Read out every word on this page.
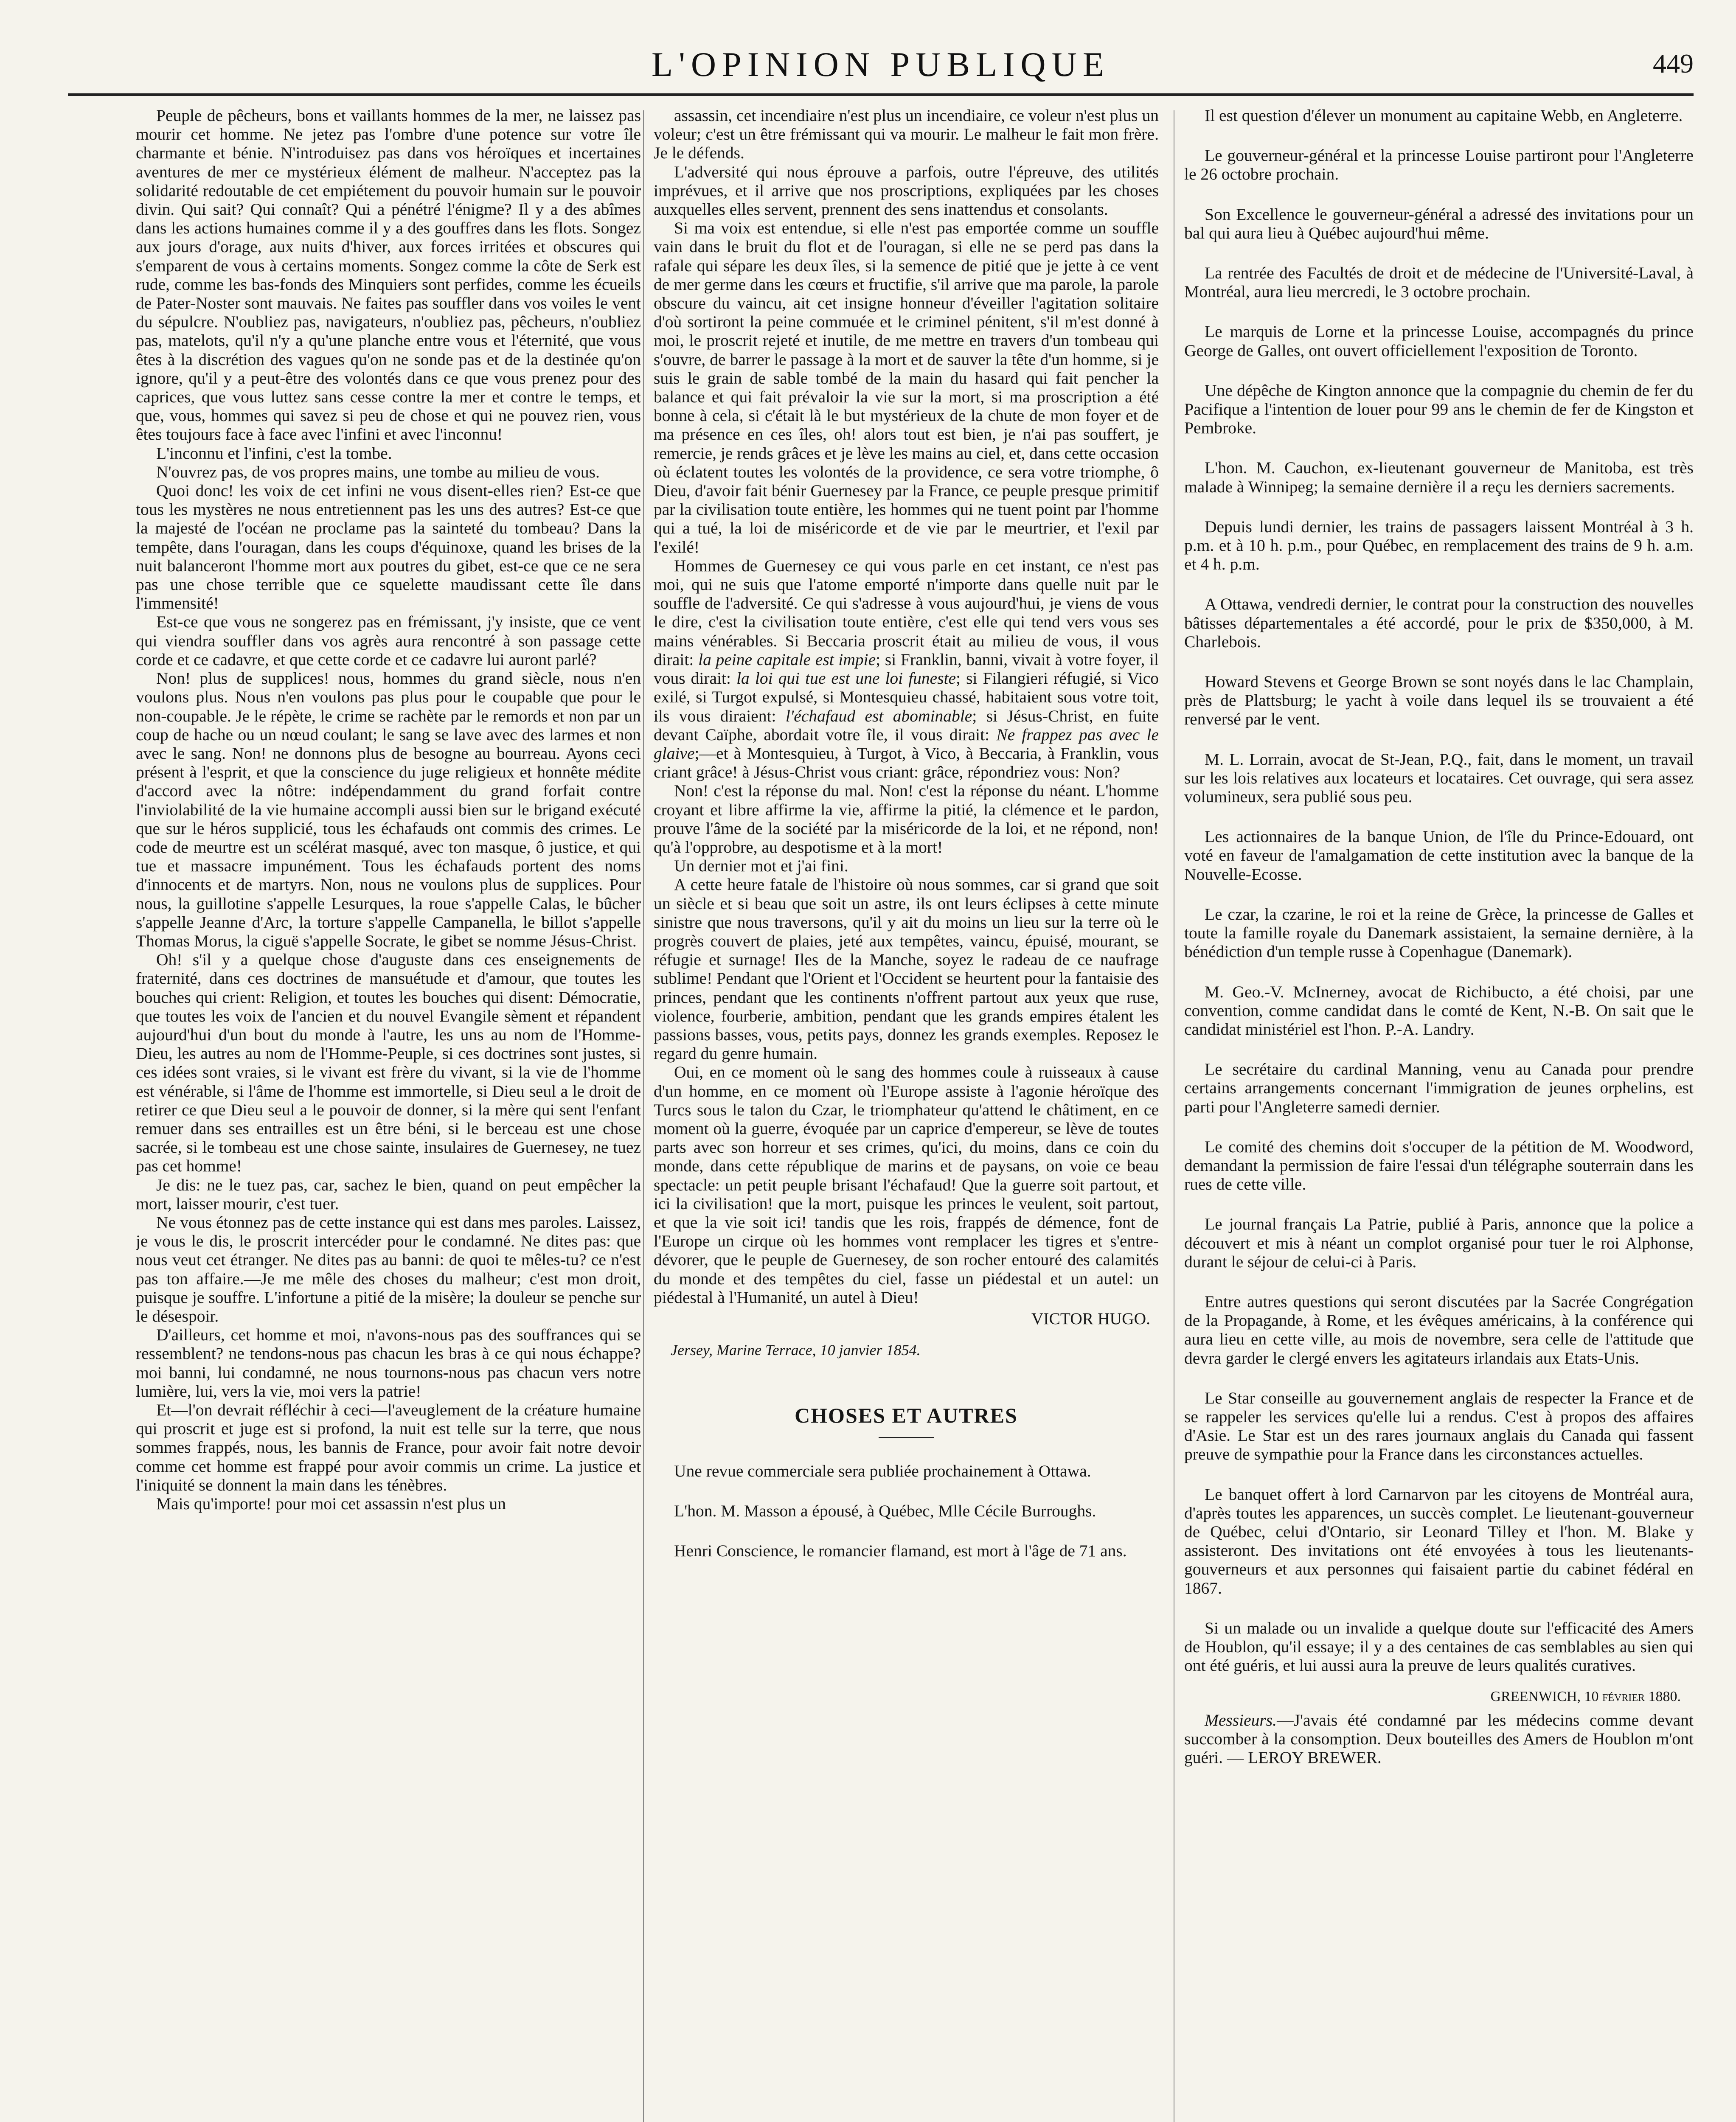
L'OPINION PUBLIQUE	449

Peuple de pêcheurs, bons et vaillants hommes de la mer, ne laissez pas mourir cet homme. Ne jetez pas l'ombre d'une potence sur votre île charmante et bénie. N'introduisez pas dans vos héroïques et incertaines aventures de mer ce mystérieux élément de malheur. N'acceptez pas la solidarité redoutable de cet empiétement du pouvoir humain sur le pouvoir divin. Qui sait? Qui connaît? Qui a pénétré l'énigme? Il y a des abîmes dans les actions humaines comme il y a des gouffres dans les flots. Songez aux jours d'orage, aux nuits d'hiver, aux forces irritées et obscures qui s'emparent de vous à certains moments. Songez comme la côte de Serk est rude, comme les bas-fonds des Minquiers sont perfides, comme les écueils de Pater-Noster sont mauvais. Ne faites pas souffler dans vos voiles le vent du sépulcre. N'oubliez pas, navigateurs, n'oubliez pas, pêcheurs, n'oubliez pas, matelots, qu'il n'y a qu'une planche entre vous et l'éternité, que vous êtes à la discrétion des vagues qu'on ne sonde pas et de la destinée qu'on ignore, qu'il y a peut-être des volontés dans ce que vous prenez pour des caprices, que vous luttez sans cesse contre la mer et contre le temps, et que, vous, hommes qui savez si peu de chose et qui ne pouvez rien, vous êtes toujours face à face avec l'infini et avec l'inconnu!

L'inconnu et l'infini, c'est la tombe.

N'ouvrez pas, de vos propres mains, une tombe au milieu de vous.

Quoi donc! les voix de cet infini ne vous disent-elles rien? Est-ce que tous les mystères ne nous entretiennent pas les uns des autres? Est-ce que la majesté de l'océan ne proclame pas la sainteté du tombeau? Dans la tempête, dans l'ouragan, dans les coups d'équinoxe, quand les brises de la nuit balanceront l'homme mort aux poutres du gibet, est-ce que ce ne sera pas une chose terrible que ce squelette maudissant cette île dans l'immensité!

Est-ce que vous ne songerez pas en frémissant, j'y insiste, que ce vent qui viendra souffler dans vos agrès aura rencontré à son passage cette corde et ce cadavre, et que cette corde et ce cadavre lui auront parlé?

Non! plus de supplices! nous, hommes du grand siècle, nous n'en voulons plus. Nous n'en voulons pas plus pour le coupable que pour le non-coupable. Je le répète, le crime se rachète par le remords et non par un coup de hache ou un nœud coulant; le sang se lave avec des larmes et non avec le sang. Non! ne donnons plus de besogne au bourreau. Ayons ceci présent à l'esprit, et que la conscience du juge religieux et honnête médite d'accord avec la nôtre: indépendamment du grand forfait contre l'inviolabilité de la vie humaine accompli aussi bien sur le brigand exécuté que sur le héros supplicié, tous les échafauds ont commis des crimes. Le code de meurtre est un scélérat masqué, avec ton masque, ô justice, et qui tue et massacre impunément. Tous les échafauds portent des noms d'innocents et de martyrs. Non, nous ne voulons plus de supplices. Pour nous, la guillotine s'appelle Lesurques, la roue s'appelle Calas, le bûcher s'appelle Jeanne d'Arc, la torture s'appelle Campanella, le billot s'appelle Thomas Morus, la ciguë s'appelle Socrate, le gibet se nomme Jésus-Christ.

Oh! s'il y a quelque chose d'auguste dans ces enseignements de fraternité, dans ces doctrines de mansuétude et d'amour, que toutes les bouches qui crient: Religion, et toutes les bouches qui disent: Démocratie, que toutes les voix de l'ancien et du nouvel Evangile sèment et répandent aujourd'hui d'un bout du monde à l'autre, les uns au nom de l'Homme-Dieu, les autres au nom de l'Homme-Peuple, si ces doctrines sont justes, si ces idées sont vraies, si le vivant est frère du vivant, si la vie de l'homme est vénérable, si l'âme de l'homme est immortelle, si Dieu seul a le droit de retirer ce que Dieu seul a le pouvoir de donner, si la mère qui sent l'enfant remuer dans ses entrailles est un être béni, si le berceau est une chose sacrée, si le tombeau est une chose sainte, insulaires de Guernesey, ne tuez pas cet homme!

Je dis: ne le tuez pas, car, sachez le bien, quand on peut empêcher la mort, laisser mourir, c'est tuer.

Ne vous étonnez pas de cette instance qui est dans mes paroles. Laissez, je vous le dis, le proscrit intercéder pour le condamné. Ne dites pas: que nous veut cet étranger. Ne dites pas au banni: de quoi te mêles-tu? ce n'est pas ton affaire.—Je me mêle des choses du malheur; c'est mon droit, puisque je souffre. L'infortune a pitié de la misère; la douleur se penche sur le désespoir.

D'ailleurs, cet homme et moi, n'avons-nous pas des souffrances qui se ressemblent? ne tendons-nous pas chacun les bras à ce qui nous échappe? moi banni, lui condamné, ne nous tournons-nous pas chacun vers notre lumière, lui, vers la vie, moi vers la patrie!

Et—l'on devrait réfléchir à ceci—l'aveuglement de la créature humaine qui proscrit et juge est si profond, la nuit est telle sur la terre, que nous sommes frappés, nous, les bannis de France, pour avoir fait notre devoir comme cet homme est frappé pour avoir commis un crime. La justice et l'iniquité se donnent la main dans les ténèbres.

Mais qu'importe! pour moi cet assassin n'est plus un

assassin, cet incendiaire n'est plus un incendiaire, ce voleur n'est plus un voleur; c'est un être frémissant qui va mourir. Le malheur le fait mon frère. Je le défends.

L'adversité qui nous éprouve a parfois, outre l'épreuve, des utilités imprévues, et il arrive que nos proscriptions, expliquées par les choses auxquelles elles servent, prennent des sens inattendus et consolants.

Si ma voix est entendue, si elle n'est pas emportée comme un souffle vain dans le bruit du flot et de l'ouragan, si elle ne se perd pas dans la rafale qui sépare les deux îles, si la semence de pitié que je jette à ce vent de mer germe dans les cœurs et fructifie, s'il arrive que ma parole, la parole obscure du vaincu, ait cet insigne honneur d'éveiller l'agitation solitaire d'où sortiront la peine commuée et le criminel pénitent, s'il m'est donné à moi, le proscrit rejeté et inutile, de me mettre en travers d'un tombeau qui s'ouvre, de barrer le passage à la mort et de sauver la tête d'un homme, si je suis le grain de sable tombé de la main du hasard qui fait pencher la balance et qui fait prévaloir la vie sur la mort, si ma proscription a été bonne à cela, si c'était là le but mystérieux de la chute de mon foyer et de ma présence en ces îles, oh! alors tout est bien, je n'ai pas souffert, je remercie, je rends grâces et je lève les mains au ciel, et, dans cette occasion où éclatent toutes les volontés de la providence, ce sera votre triomphe, ô Dieu, d'avoir fait bénir Guernesey par la France, ce peuple presque primitif par la civilisation toute entière, les hommes qui ne tuent point par l'homme qui a tué, la loi de miséricorde et de vie par le meurtrier, et l'exil par l'exilé!

Hommes de Guernesey ce qui vous parle en cet instant, ce n'est pas moi, qui ne suis que l'atome emporté n'importe dans quelle nuit par le souffle de l'adversité. Ce qui s'adresse à vous aujourd'hui, je viens de vous le dire, c'est la civilisation toute entière, c'est elle qui tend vers vous ses mains vénérables. Si Beccaria proscrit était au milieu de vous, il vous dirait: la peine capitale est impie; si Franklin, banni, vivait à votre foyer, il vous dirait: la loi qui tue est une loi funeste; si Filangieri réfugié, si Vico exilé, si Turgot expulsé, si Montesquieu chassé, habitaient sous votre toit, ils vous diraient: l'échafaud est abominable; si Jésus-Christ, en fuite devant Caïphe, abordait votre île, il vous dirait: Ne frappez pas avec le glaive;—et à Montesquieu, à Turgot, à Vico, à Beccaria, à Franklin, vous criant grâce! à Jésus-Christ vous criant: grâce, répondriez vous: Non?

Non! c'est la réponse du mal. Non! c'est la réponse du néant. L'homme croyant et libre affirme la vie, affirme la pitié, la clémence et le pardon, prouve l'âme de la société par la miséricorde de la loi, et ne répond, non! qu'à l'opprobre, au despotisme et à la mort!

Un dernier mot et j'ai fini.

A cette heure fatale de l'histoire où nous sommes, car si grand que soit un siècle et si beau que soit un astre, ils ont leurs éclipses à cette minute sinistre que nous traversons, qu'il y ait du moins un lieu sur la terre où le progrès couvert de plaies, jeté aux tempêtes, vaincu, épuisé, mourant, se réfugie et surnage! Iles de la Manche, soyez le radeau de ce naufrage sublime! Pendant que l'Orient et l'Occident se heurtent pour la fantaisie des princes, pendant que les continents n'offrent partout aux yeux que ruse, violence, fourberie, ambition, pendant que les grands empires étalent les passions basses, vous, petits pays, donnez les grands exemples. Reposez le regard du genre humain.

Oui, en ce moment où le sang des hommes coule à ruisseaux à cause d'un homme, en ce moment où l'Europe assiste à l'agonie héroïque des Turcs sous le talon du Czar, le triomphateur qu'attend le châtiment, en ce moment où la guerre, évoquée par un caprice d'empereur, se lève de toutes parts avec son horreur et ses crimes, qu'ici, du moins, dans ce coin du monde, dans cette république de marins et de paysans, on voie ce beau spectacle: un petit peuple brisant l'échafaud! Que la guerre soit partout, et ici la civilisation! que la mort, puisque les princes le veulent, soit partout, et que la vie soit ici! tandis que les rois, frappés de démence, font de l'Europe un cirque où les hommes vont remplacer les tigres et s'entre-dévorer, que le peuple de Guernesey, de son rocher entouré des calamités du monde et des tempêtes du ciel, fasse un piédestal et un autel: un piédestal à l'Humanité, un autel à Dieu!

VICTOR HUGO.
Jersey, Marine Terrace, 10 janvier 1854.
CHOSES ET AUTRES

Une revue commerciale sera publiée prochainement à Ottawa.

L'hon. M. Masson a épousé, à Québec, Mlle Cécile Burroughs.

Henri Conscience, le romancier flamand, est mort à l'âge de 71 ans.

Il est question d'élever un monument au capitaine Webb, en Angleterre.

Le gouverneur-général et la princesse Louise partiront pour l'Angleterre le 26 octobre prochain.

Son Excellence le gouverneur-général a adressé des invitations pour un bal qui aura lieu à Québec aujourd'hui même.

La rentrée des Facultés de droit et de médecine de l'Université-Laval, à Montréal, aura lieu mercredi, le 3 octobre prochain.

Le marquis de Lorne et la princesse Louise, accompagnés du prince George de Galles, ont ouvert officiellement l'exposition de Toronto.

Une dépêche de Kington annonce que la compagnie du chemin de fer du Pacifique a l'intention de louer pour 99 ans le chemin de fer de Kingston et Pembroke.

L'hon. M. Cauchon, ex-lieutenant gouverneur de Manitoba, est très malade à Winnipeg; la semaine dernière il a reçu les derniers sacrements.

Depuis lundi dernier, les trains de passagers laissent Montréal à 3 h. p.m. et à 10 h. p.m., pour Québec, en remplacement des trains de 9 h. a.m. et 4 h. p.m.

A Ottawa, vendredi dernier, le contrat pour la construction des nouvelles bâtisses départementales a été accordé, pour le prix de $350,000, à M. Charlebois.

Howard Stevens et George Brown se sont noyés dans le lac Champlain, près de Plattsburg; le yacht à voile dans lequel ils se trouvaient a été renversé par le vent.

M. L. Lorrain, avocat de St-Jean, P.Q., fait, dans le moment, un travail sur les lois relatives aux locateurs et locataires. Cet ouvrage, qui sera assez volumineux, sera publié sous peu.

Les actionnaires de la banque Union, de l'île du Prince-Edouard, ont voté en faveur de l'amalgamation de cette institution avec la banque de la Nouvelle-Ecosse.

Le czar, la czarine, le roi et la reine de Grèce, la princesse de Galles et toute la famille royale du Danemark assistaient, la semaine dernière, à la bénédiction d'un temple russe à Copenhague (Danemark).

M. Geo.-V. McInerney, avocat de Richibucto, a été choisi, par une convention, comme candidat dans le comté de Kent, N.-B. On sait que le candidat ministériel est l'hon. P.-A. Landry.

Le secrétaire du cardinal Manning, venu au Canada pour prendre certains arrangements concernant l'immigration de jeunes orphelins, est parti pour l'Angleterre samedi dernier.

Le comité des chemins doit s'occuper de la pétition de M. Woodword, demandant la permission de faire l'essai d'un télégraphe souterrain dans les rues de cette ville.

Le journal français La Patrie, publié à Paris, annonce que la police a découvert et mis à néant un complot organisé pour tuer le roi Alphonse, durant le séjour de celui-ci à Paris.

Entre autres questions qui seront discutées par la Sacrée Congrégation de la Propagande, à Rome, et les évêques américains, à la conférence qui aura lieu en cette ville, au mois de novembre, sera celle de l'attitude que devra garder le clergé envers les agitateurs irlandais aux Etats-Unis.

Le Star conseille au gouvernement anglais de respecter la France et de se rappeler les services qu'elle lui a rendus. C'est à propos des affaires d'Asie. Le Star est un des rares journaux anglais du Canada qui fassent preuve de sympathie pour la France dans les circonstances actuelles.

Le banquet offert à lord Carnarvon par les citoyens de Montréal aura, d'après toutes les apparences, un succès complet. Le lieutenant-gouverneur de Québec, celui d'Ontario, sir Leonard Tilley et l'hon. M. Blake y assisteront. Des invitations ont été envoyées à tous les lieutenants-gouverneurs et aux personnes qui faisaient partie du cabinet fédéral en 1867.

Si un malade ou un invalide a quelque doute sur l'efficacité des Amers de Houblon, qu'il essaye; il y a des centaines de cas semblables au sien qui ont été guéris, et lui aussi aura la preuve de leurs qualités curatives.

GREENWICH, 10 février 1880.

Messieurs.—J'avais été condamné par les médecins comme devant succomber à la consomption. Deux bouteilles des Amers de Houblon m'ont guéri. — LEROY BREWER.
